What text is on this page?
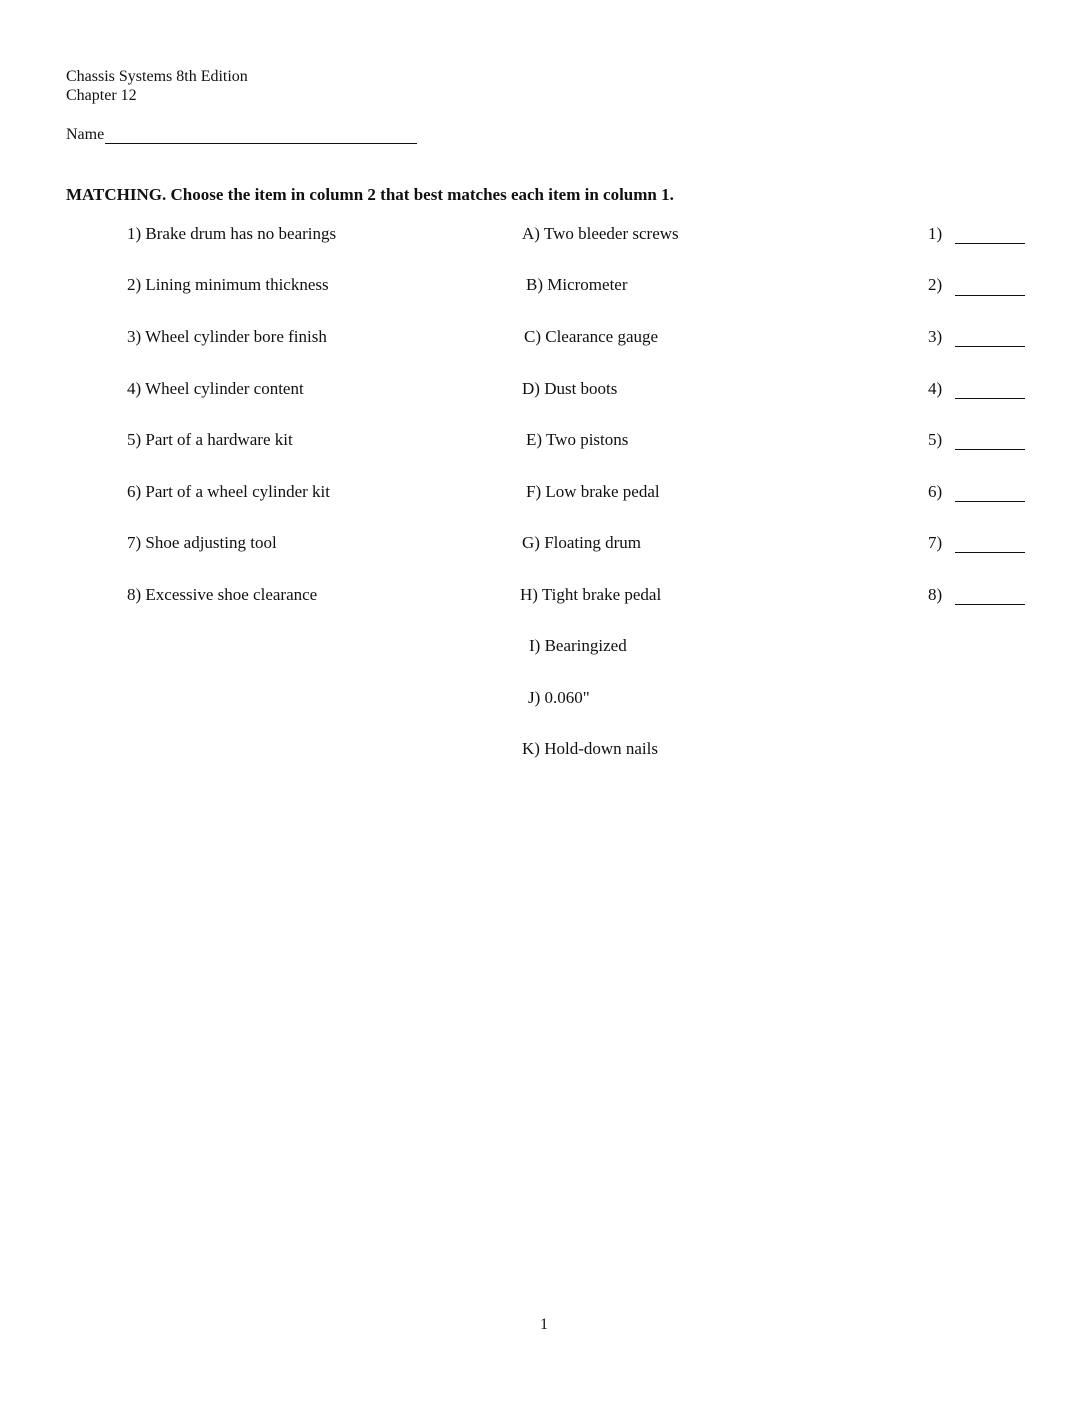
Chassis Systems 8th Edition
Chapter 12
Name
MATCHING. Choose the item in column 2 that best matches each item in column 1.
1) Brake drum has no bearings
2) Lining minimum thickness
3) Wheel cylinder bore finish
4) Wheel cylinder content
5) Part of a hardware kit
6) Part of a wheel cylinder kit
7) Shoe adjusting tool
8) Excessive shoe clearance
A) Two bleeder screws
B) Micrometer
C) Clearance gauge
D) Dust boots
E) Two pistons
F) Low brake pedal
G) Floating drum
H) Tight brake pedal
I) Bearingized
J) 0.060"
K) Hold-down nails
1)
2)
3)
4)
5)
6)
7)
8)
1
